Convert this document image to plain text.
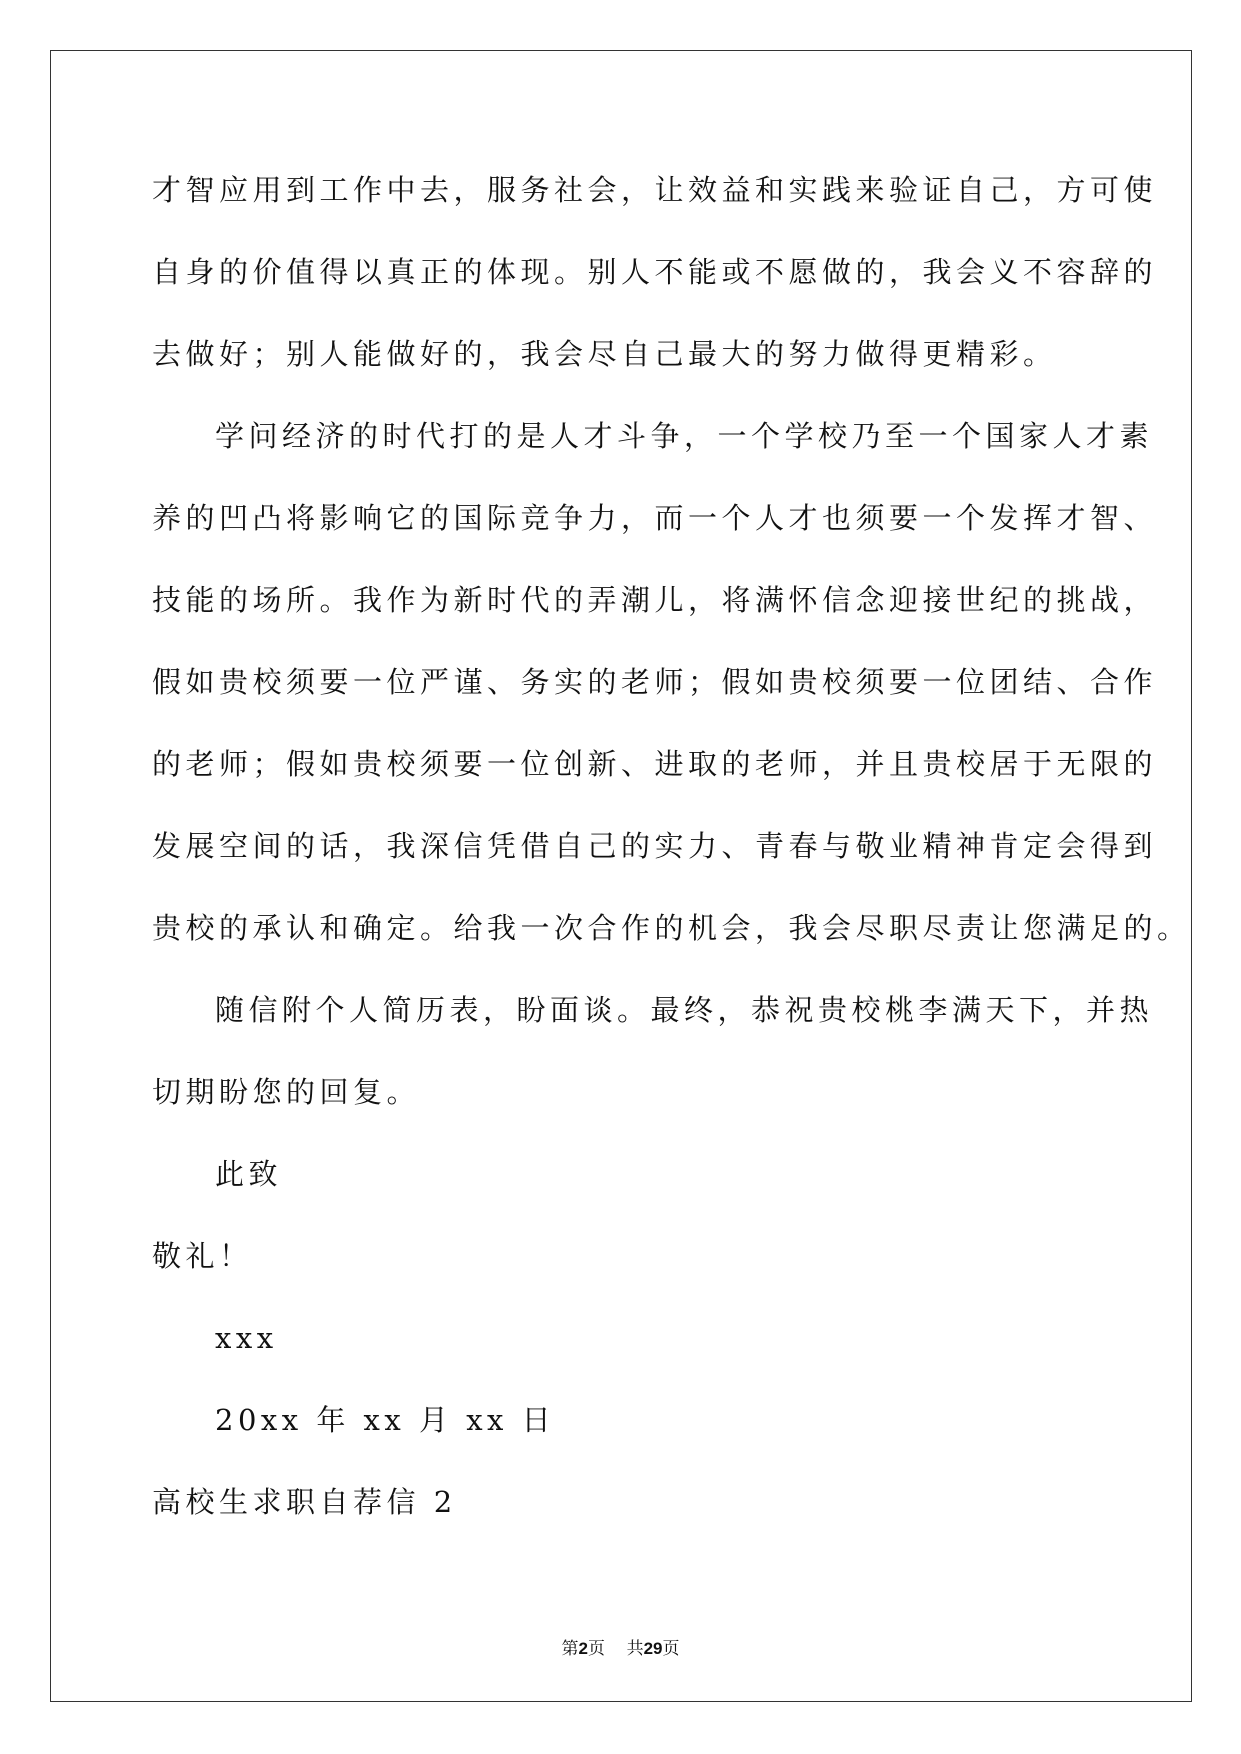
才智应用到工作中去，服务社会，让效益和实践来验证自己，方可使
自身的价值得以真正的体现。别人不能或不愿做的，我会义不容辞的
去做好；别人能做好的，我会尽自己最大的努力做得更精彩。
学问经济的时代打的是人才斗争，一个学校乃至一个国家人才素
养的凹凸将影响它的国际竞争力，而一个人才也须要一个发挥才智、
技能的场所。我作为新时代的弄潮儿，将满怀信念迎接世纪的挑战，
假如贵校须要一位严谨、务实的老师；假如贵校须要一位团结、合作
的老师；假如贵校须要一位创新、进取的老师，并且贵校居于无限的
发展空间的话，我深信凭借自己的实力、青春与敬业精神肯定会得到
贵校的承认和确定。给我一次合作的机会，我会尽职尽责让您满足的。
随信附个人简历表，盼面谈。最终，恭祝贵校桃李满天下，并热
切期盼您的回复。
此致
敬礼！
xxx
20xx 年 xx 月 xx 日
高校生求职自荐信 2
第2页 共29页
